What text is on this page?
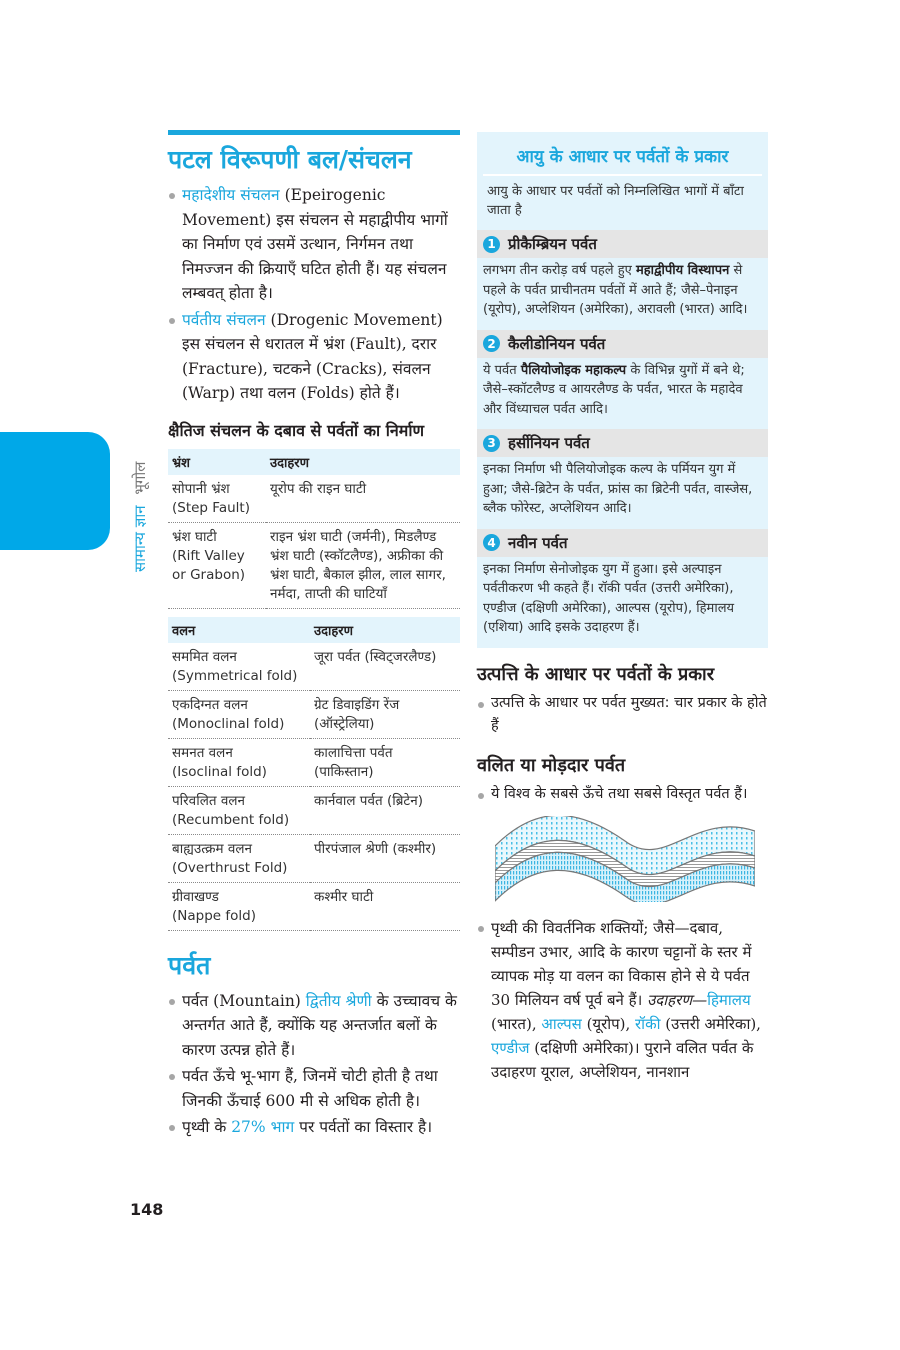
सामान्य ज्ञान भूगोल
पटल विरूपणी बल/संचलन
महादेशीय संचलन (Epeirogenic Movement) इस संचलन से महाद्वीपीय भागों का निर्माण एवं उसमें उत्थान, निर्गमन तथा निमज्जन की क्रियाएँ घटित होती हैं। यह संचलन लम्बवत् होता है।
पर्वतीय संचलन (Drogenic Movement) इस संचलन से धरातल में भ्रंश (Fault), दरार (Fracture), चटकने (Cracks), संवलन (Warp) तथा वलन (Folds) होते हैं।
क्षैतिज संचलन के दबाव से पर्वतों का निर्माण
भ्रंश	उदाहरण
सोपानी भ्रंश
(Step Fault)	यूरोप की राइन घाटी
भ्रंश घाटी
(Rift Valley or Grabon)	राइन भ्रंश घाटी (जर्मनी), मिडलैण्ड भ्रंश घाटी (स्कॉटलैण्ड), अफ्रीका की भ्रंश घाटी, बैकाल झील, लाल सागर, नर्मदा, ताप्ती की घाटियाँ
वलन	उदाहरण
सममित वलन
(Symmetrical fold)	जूरा पर्वत (स्विट्जरलैण्ड)
एकदिग्नत वलन
(Monoclinal fold)	ग्रेट डिवाइडिंग रेंज (ऑस्ट्रेलिया)
समनत वलन
(Isoclinal fold)	कालाचित्ता पर्वत (पाकिस्तान)
परिवलित वलन
(Recumbent fold)	कार्नवाल पर्वत (ब्रिटेन)
बाह्यउत्क्रम वलन
(Overthrust Fold)	पीरपंजाल श्रेणी (कश्मीर)
ग्रीवाखण्ड
(Nappe fold)	कश्मीर घाटी
पर्वत
पर्वत (Mountain) द्वितीय श्रेणी के उच्चावच के अन्तर्गत आते हैं, क्योंकि यह अन्तर्जात बलों के कारण उत्पन्न होते हैं।
पर्वत ऊँचे भू-भाग हैं, जिनमें चोटी होती है तथा जिनकी ऊँचाई 600 मी से अधिक होती है।
पृथ्वी के 27% भाग पर पर्वतों का विस्तार है।
148
आयु के आधार पर पर्वतों के प्रकार
आयु के आधार पर पर्वतों को निम्नलिखित भागों में बाँटा जाता है
1 प्रीकैम्ब्रियन पर्वत
लगभग तीन करोड़ वर्ष पहले हुए महाद्वीपीय विस्थापन से पहले के पर्वत प्राचीनतम पर्वतों में आते हैं; जैसे–पेनाइन (यूरोप), अप्लेशियन (अमेरिका), अरावली (भारत) आदि।
2 कैलीडोनियन पर्वत
ये पर्वत पैलियोजोइक महाकल्प के विभिन्न युगों में बने थे; जैसे–स्कॉटलैण्ड व आयरलैण्ड के पर्वत, भारत के महादेव और विंध्याचल पर्वत आदि।
3 हर्सीनियन पर्वत
इनका निर्माण भी पैलियोजोइक कल्प के पर्मियन युग में हुआ; जैसे-ब्रिटेन के पर्वत, फ्रांस का ब्रिटेनी पर्वत, वास्जेस, ब्लैक फोरेस्ट, अप्लेशियन आदि।
4 नवीन पर्वत
इनका निर्माण सेनोजोइक युग में हुआ। इसे अल्पाइन पर्वतीकरण भी कहते हैं। रॉकी पर्वत (उत्तरी अमेरिका), एण्डीज (दक्षिणी अमेरिका), आल्पस (यूरोप), हिमालय (एशिया) आदि इसके उदाहरण हैं।
उत्पत्ति के आधार पर पर्वतों के प्रकार
उत्पत्ति के आधार पर पर्वत मुख्यत: चार प्रकार के होते हैं
वलित या मोड़दार पर्वत
ये विश्व के सबसे ऊँचे तथा सबसे विस्तृत पर्वत हैं।
पृथ्वी की विवर्तनिक शक्तियों; जैसे—दबाव, सम्पीडन उभार, आदि के कारण चट्टानों के स्तर में व्यापक मोड़ या वलन का विकास होने से ये पर्वत 30 मिलियन वर्ष पूर्व बने हैं। उदाहरण—हिमालय (भारत), आल्पस (यूरोप), रॉकी (उत्तरी अमेरिका), एण्डीज (दक्षिणी अमेरिका)। पुराने वलित पर्वत के उदाहरण यूराल, अप्लेशियन, नानशान
